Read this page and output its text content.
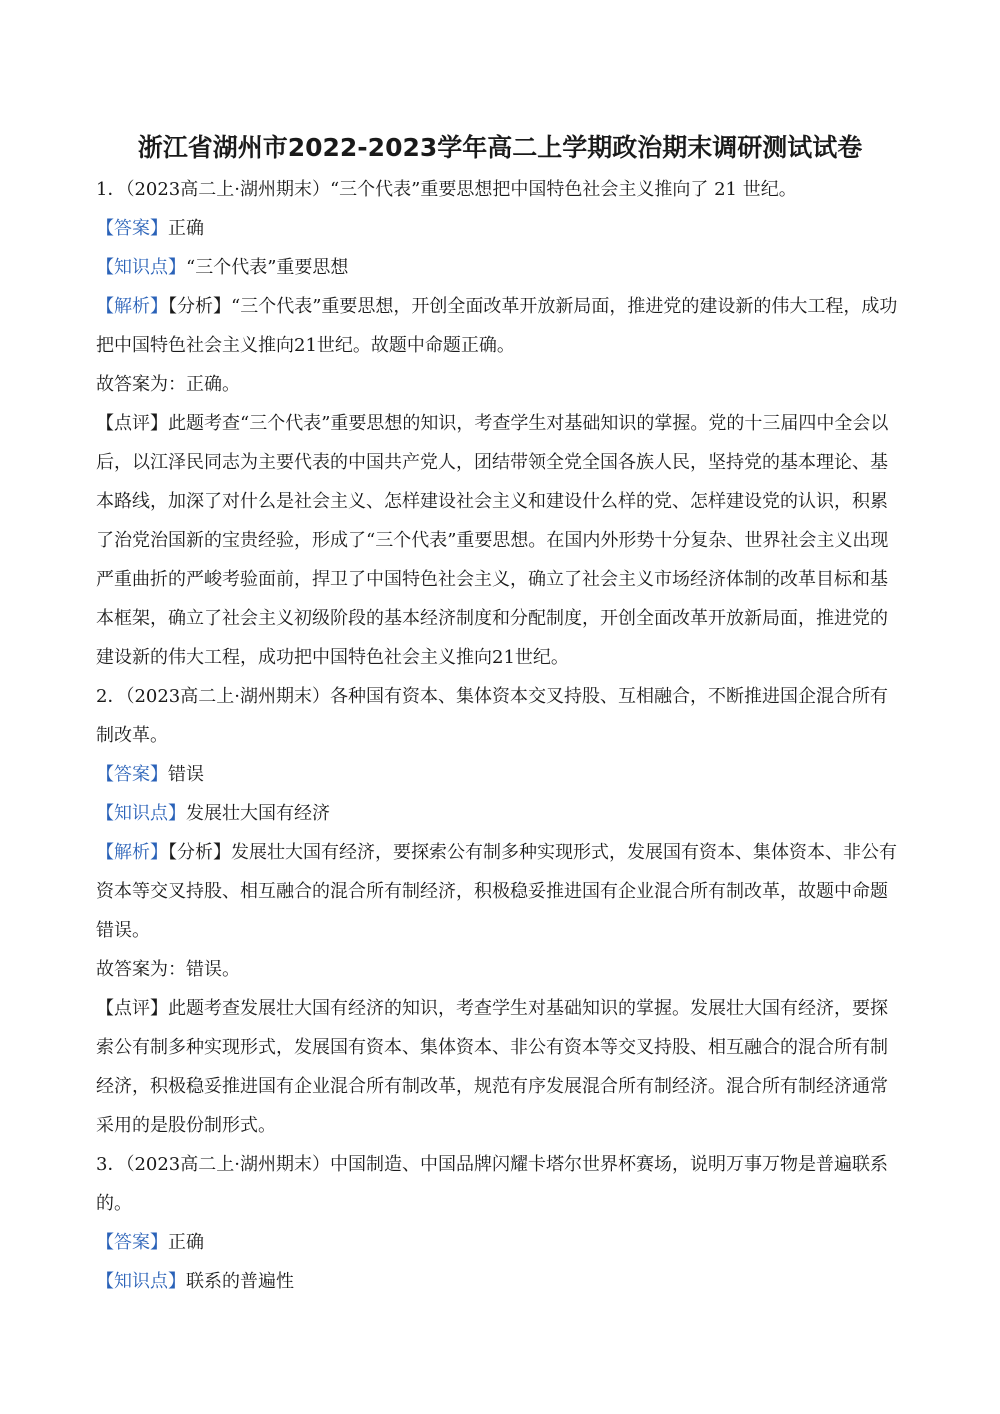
浙江省湖州市2022-2023学年高二上学期政治期末调研测试试卷
1．（2023高二上·湖州期末）“三个代表”重要思想把中国特色社会主义推向了 21 世纪。
【答案】正确
【知识点】“三个代表”重要思想
【解析】【分析】“三个代表”重要思想，开创全面改革开放新局面，推进党的建设新的伟大工程，成功把中国特色社会主义推向21世纪。故题中命题正确。
故答案为：正确。
【点评】此题考查“三个代表”重要思想的知识，考查学生对基础知识的掌握。党的十三届四中全会以后，以江泽民同志为主要代表的中国共产党人，团结带领全党全国各族人民，坚持党的基本理论、基本路线，加深了对什么是社会主义、怎样建设社会主义和建设什么样的党、怎样建设党的认识，积累了治党治国新的宝贵经验，形成了“三个代表”重要思想。在国内外形势十分复杂、世界社会主义出现严重曲折的严峻考验面前，捍卫了中国特色社会主义，确立了社会主义市场经济体制的改革目标和基本框架，确立了社会主义初级阶段的基本经济制度和分配制度，开创全面改革开放新局面，推进党的建设新的伟大工程，成功把中国特色社会主义推向21世纪。
2．（2023高二上·湖州期末）各种国有资本、集体资本交叉持股、互相融合，不断推进国企混合所有制改革。
【答案】错误
【知识点】发展壮大国有经济
【解析】【分析】发展壮大国有经济，要探索公有制多种实现形式，发展国有资本、集体资本、非公有资本等交叉持股、相互融合的混合所有制经济，积极稳妥推进国有企业混合所有制改革，故题中命题错误。
故答案为：错误。
【点评】此题考查发展壮大国有经济的知识，考查学生对基础知识的掌握。发展壮大国有经济，要探索公有制多种实现形式，发展国有资本、集体资本、非公有资本等交叉持股、相互融合的混合所有制经济，积极稳妥推进国有企业混合所有制改革，规范有序发展混合所有制经济。混合所有制经济通常采用的是股份制形式。
3．（2023高二上·湖州期末）中国制造、中国品牌闪耀卡塔尔世界杯赛场，说明万事万物是普遍联系的。
【答案】正确
【知识点】联系的普遍性
